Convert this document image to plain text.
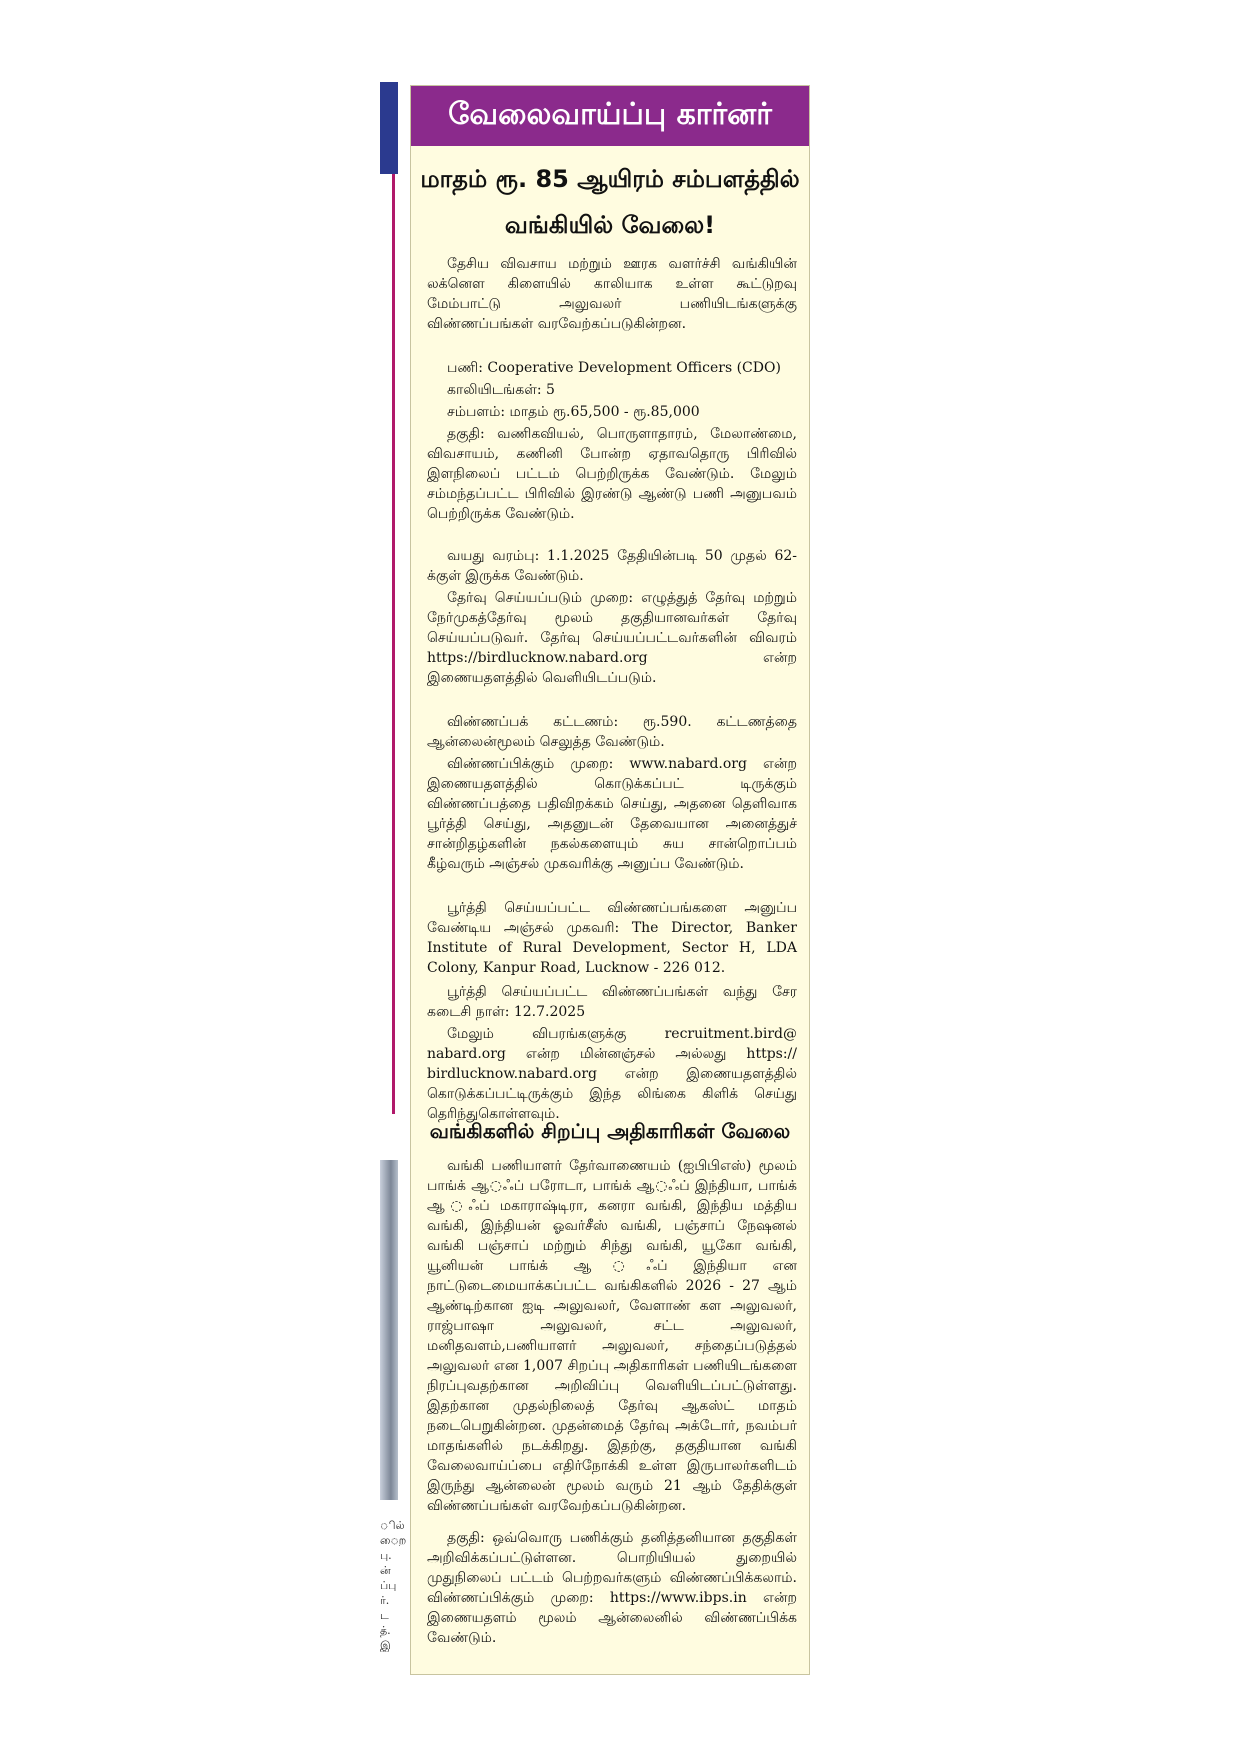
ில்
ைற
பு.
ன்
ப்பு
ர்.
ட
த்.
இ
வேலைவாய்ப்பு கார்னர்
மாதம் ரூ. 85 ஆயிரம் சம்பளத்தில் வங்கியில் வேலை!

தேசிய விவசாய மற்றும் ஊரக வளர்ச்சி வங்கியின் லக்னௌ கிளையில் காலியாக உள்ள கூட்டுறவு மேம்பாட்டு அலுவலர் பணியிடங்களுக்கு விண்ணப்பங்கள் வரவேற்கப்படுகின்றன.

பணி: Cooperative Development Officers (CDO)

காலியிடங்கள்: 5

சம்பளம்: மாதம் ரூ.65,500 - ரூ.85,000

தகுதி: வணிகவியல், பொருளாதாரம், மேலாண்மை, விவசாயம், கணினி போன்ற ஏதாவதொரு பிரிவில் இளநிலைப் பட்டம் பெற்றிருக்க வேண்டும். மேலும் சம்மந்தப்பட்ட பிரிவில் இரண்டு ஆண்டு பணி அனுபவம் பெற்றிருக்க வேண்டும்.

வயது வரம்பு: 1.1.2025 தேதியின்படி 50 முதல் 62-க்குள் இருக்க வேண்டும்.

தேர்வு செய்யப்படும் முறை: எழுத்துத் தேர்வு மற்றும் நேர்முகத்தேர்வு மூலம் தகுதியானவர்கள் தேர்வு செய்யப்படுவர். தேர்வு செய்யப்பட்டவர்களின் விவரம் https://birdlucknow.nabard.org என்ற இணையதளத்தில் வெளியிடப்படும்.

விண்ணப்பக் கட்டணம்: ரூ.590. கட்டணத்தை ஆன்லைன்மூலம் செலுத்த வேண்டும்.

விண்ணப்பிக்கும் முறை: www.nabard.org என்ற இணையதளத்தில் கொடுக்கப்பட் டிருக்கும் விண்ணப்பத்தை பதிவிறக்கம் செய்து, அதனை தெளிவாக பூர்த்தி செய்து, அதனுடன் தேவையான அனைத்துச் சான்றிதழ்களின் நகல்களையும் சுய சான்றொப்பம் கீழ்வரும் அஞ்சல் முகவரிக்கு அனுப்ப வேண்டும்.

பூர்த்தி செய்யப்பட்ட விண்ணப்பங்களை அனுப்ப வேண்டிய அஞ்சல் முகவரி: The Director, Banker Institute of Rural Development, Sector H, LDA Colony, Kanpur Road, Lucknow - 226 012.

பூர்த்தி செய்யப்பட்ட விண்ணப்பங்கள் வந்து சேர கடைசி நாள்: 12.7.2025

மேலும் விபரங்களுக்கு recruitment.bird@ nabard.org என்ற மின்னஞ்சல் அல்லது https:// birdlucknow.nabard.org என்ற இணையதளத்தில் கொடுக்கப்பட்டிருக்கும் இந்த லிங்கை கிளிக் செய்து தெரிந்துகொள்ளவும்.

வங்கிகளில் சிறப்பு அதிகாரிகள் வேலை

வங்கி பணியாளர் தேர்வாணையம் (ஐபிபிஎஸ்) மூலம் பாங்க் ஆ◌ஃப் பரோடா, பாங்க் ஆ◌ஃப் இந்தியா, பாங்க் ஆ◌ஃப் மகாராஷ்டிரா, கனரா வங்கி, இந்திய மத்திய வங்கி, இந்தியன் ஓவர்சீஸ் வங்கி, பஞ்சாப் நேஷனல் வங்கி பஞ்சாப் மற்றும் சிந்து வங்கி, யூகோ வங்கி, யூனியன் பாங்க் ஆ◌ஃப் இந்தியா என நாட்டுடைமையாக்கப்பட்ட வங்கிகளில் 2026 - 27 ஆம் ஆண்டிற்கான ஐடி அலுவலர், வேளாண் கள அலுவலர், ராஜ்பாஷா அலுவலர், சட்ட அலுவலர், மனிதவளம்,பணியாளர் அலுவலர், சந்தைப்படுத்தல் அலுவலர் என 1,007 சிறப்பு அதிகாரிகள் பணியிடங்களை நிரப்புவதற்கான அறிவிப்பு வெளியிடப்பட்டுள்ளது. இதற்கான முதல்நிலைத் தேர்வு ஆகஸ்ட் மாதம் நடைபெறுகின்றன. முதன்மைத் தேர்வு அக்டோர், நவம்பர் மாதங்களில் நடக்கிறது. இதற்கு, தகுதியான வங்கி வேலைவாய்ப்பை எதிர்நோக்கி உள்ள இருபாலர்களிடம் இருந்து ஆன்லைன் மூலம் வரும் 21 ஆம் தேதிக்குள் விண்ணப்பங்கள் வரவேற்கப்படுகின்றன.

தகுதி: ஒவ்வொரு பணிக்கும் தனித்தனியான தகுதிகள் அறிவிக்கப்பட்டுள்ளன. பொறியியல் துறையில் முதுநிலைப் பட்டம் பெற்றவர்களும் விண்ணப்பிக்கலாம். விண்ணப்பிக்கும் முறை: https://www.ibps.in என்ற இணையதளம் மூலம் ஆன்லைனில் விண்ணப்பிக்க வேண்டும்.
